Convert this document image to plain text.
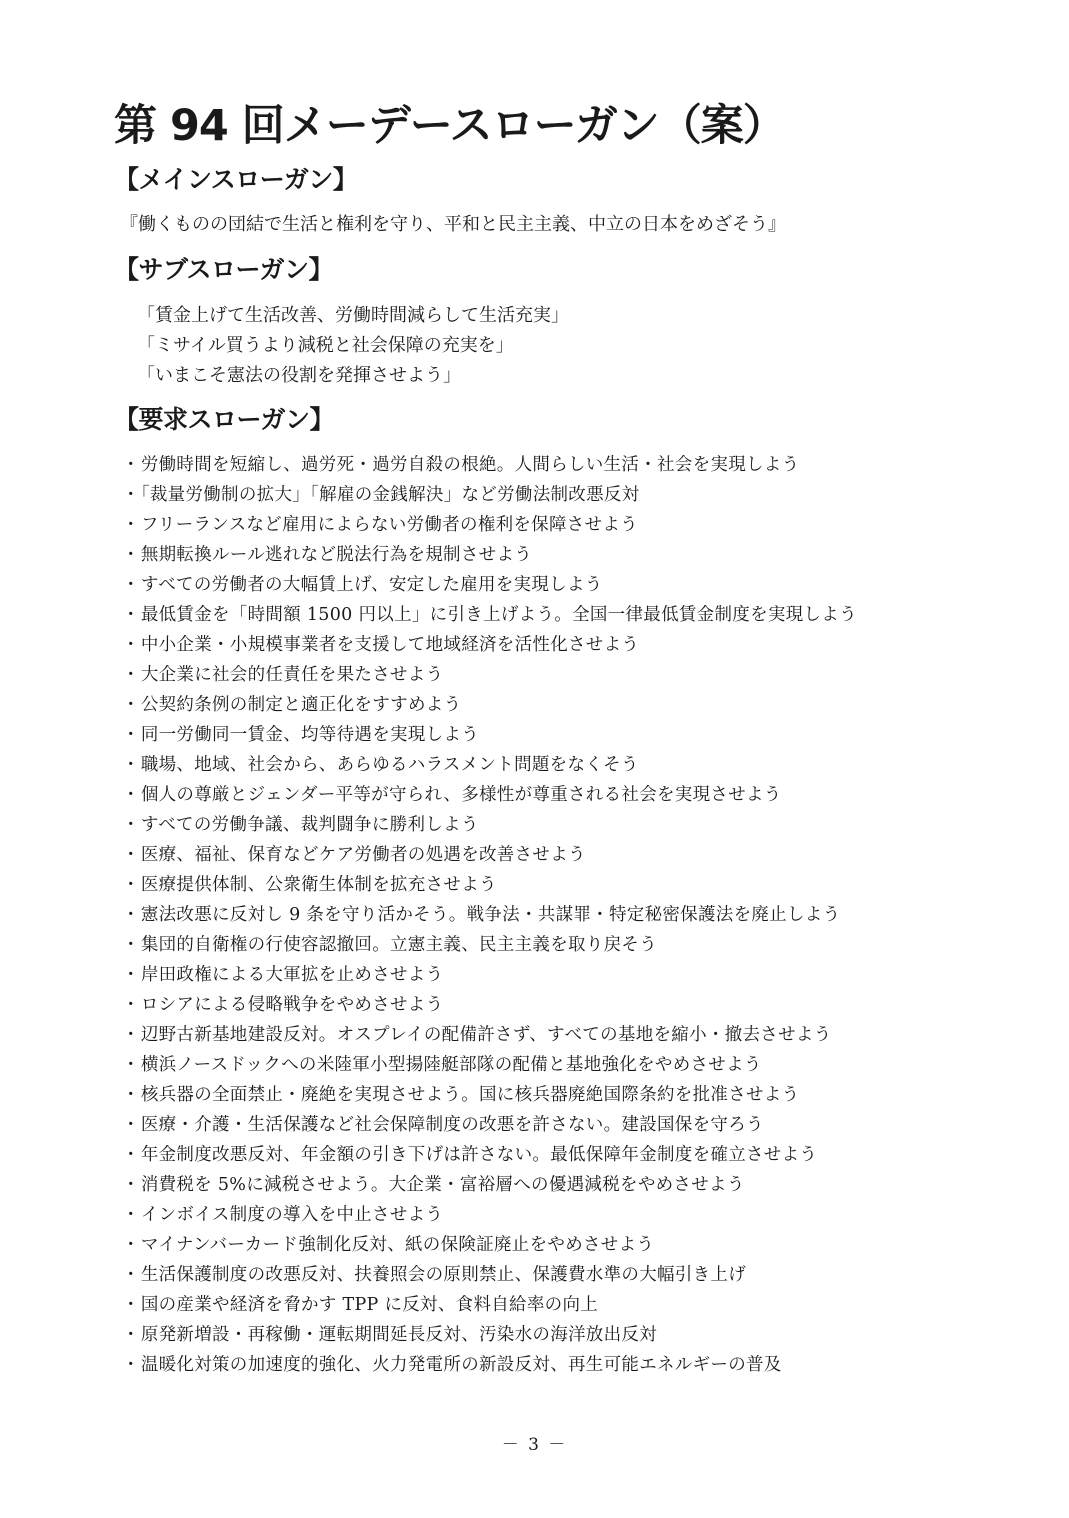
第 94 回メーデースローガン（案）
【メインスローガン】
『働くものの団結で生活と権利を守り、平和と民主主義、中立の日本をめざそう』
【サブスローガン】
「賃金上げて生活改善、労働時間減らして生活充実」
「ミサイル買うより減税と社会保障の充実を」
「いまこそ憲法の役割を発揮させよう」
【要求スローガン】
・労働時間を短縮し、過労死・過労自殺の根絶。人間らしい生活・社会を実現しよう
・「裁量労働制の拡大」「解雇の金銭解決」など労働法制改悪反対
・フリーランスなど雇用によらない労働者の権利を保障させよう
・無期転換ルール逃れなど脱法行為を規制させよう
・すべての労働者の大幅賃上げ、安定した雇用を実現しよう
・最低賃金を「時間額 1500 円以上」に引き上げよう。全国一律最低賃金制度を実現しよう
・中小企業・小規模事業者を支援して地域経済を活性化させよう
・大企業に社会的任責任を果たさせよう
・公契約条例の制定と適正化をすすめよう
・同一労働同一賃金、均等待遇を実現しよう
・職場、地域、社会から、あらゆるハラスメント問題をなくそう
・個人の尊厳とジェンダー平等が守られ、多様性が尊重される社会を実現させよう
・すべての労働争議、裁判闘争に勝利しよう
・医療、福祉、保育などケア労働者の処遇を改善させよう
・医療提供体制、公衆衛生体制を拡充させよう
・憲法改悪に反対し 9 条を守り活かそう。戦争法・共謀罪・特定秘密保護法を廃止しよう
・集団的自衛権の行使容認撤回。立憲主義、民主主義を取り戻そう
・岸田政権による大軍拡を止めさせよう
・ロシアによる侵略戦争をやめさせよう
・辺野古新基地建設反対。オスプレイの配備許さず、すべての基地を縮小・撤去させよう
・横浜ノースドックへの米陸軍小型揚陸艇部隊の配備と基地強化をやめさせよう
・核兵器の全面禁止・廃絶を実現させよう。国に核兵器廃絶国際条約を批准させよう
・医療・介護・生活保護など社会保障制度の改悪を許さない。建設国保を守ろう
・年金制度改悪反対、年金額の引き下げは許さない。最低保障年金制度を確立させよう
・消費税を 5%に減税させよう。大企業・富裕層への優遇減税をやめさせよう
・インボイス制度の導入を中止させよう
・マイナンバーカード強制化反対、紙の保険証廃止をやめさせよう
・生活保護制度の改悪反対、扶養照会の原則禁止、保護費水準の大幅引き上げ
・国の産業や経済を脅かす TPP に反対、食料自給率の向上
・原発新増設・再稼働・運転期間延長反対、汚染水の海洋放出反対
・温暖化対策の加速度的強化、火力発電所の新設反対、再生可能エネルギーの普及
－ 3 －
